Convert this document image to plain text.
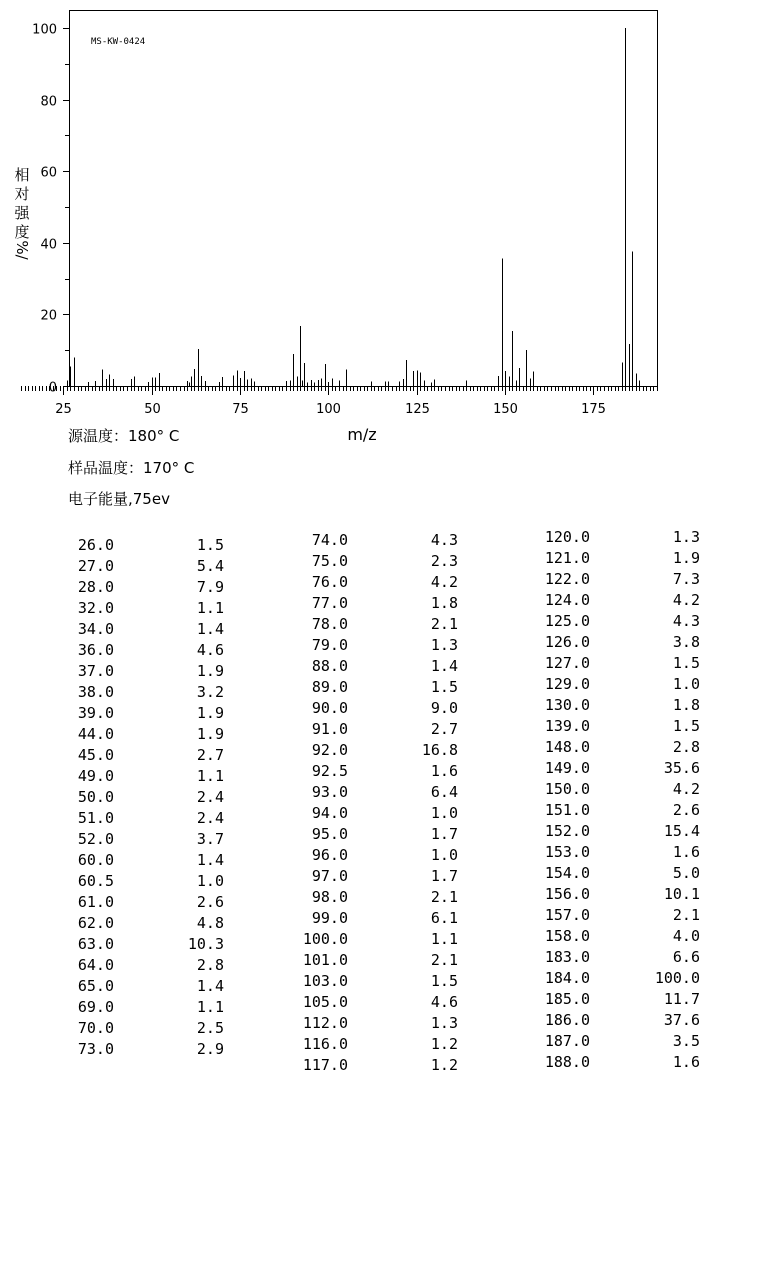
25	50	75	100	125	150	175
0
20
40
60
80
100
MS-KW-0424
相
对
强
度
%/
m/z
源温度：180° C
样品温度：170° C
电子能量,75ev
26.0	1.5
27.0	5.4
28.0	7.9
32.0	1.1
34.0	1.4
36.0	4.6
37.0	1.9
38.0	3.2
39.0	1.9
44.0	1.9
45.0	2.7
49.0	1.1
50.0	2.4
51.0	2.4
52.0	3.7
60.0	1.4
60.5	1.0
61.0	2.6
62.0	4.8
63.0	10.3
64.0	2.8
65.0	1.4
69.0	1.1
70.0	2.5
73.0	2.9
74.0	4.3
75.0	2.3
76.0	4.2
77.0	1.8
78.0	2.1
79.0	1.3
88.0	1.4
89.0	1.5
90.0	9.0
91.0	2.7
92.0	16.8
92.5	1.6
93.0	6.4
94.0	1.0
95.0	1.7
96.0	1.0
97.0	1.7
98.0	2.1
99.0	6.1
100.0	1.1
101.0	2.1
103.0	1.5
105.0	4.6
112.0	1.3
116.0	1.2
117.0	1.2
120.0	1.3
121.0	1.9
122.0	7.3
124.0	4.2
125.0	4.3
126.0	3.8
127.0	1.5
129.0	1.0
130.0	1.8
139.0	1.5
148.0	2.8
149.0	35.6
150.0	4.2
151.0	2.6
152.0	15.4
153.0	1.6
154.0	5.0
156.0	10.1
157.0	2.1
158.0	4.0
183.0	6.6
184.0	100.0
185.0	11.7
186.0	37.6
187.0	3.5
188.0	1.6
